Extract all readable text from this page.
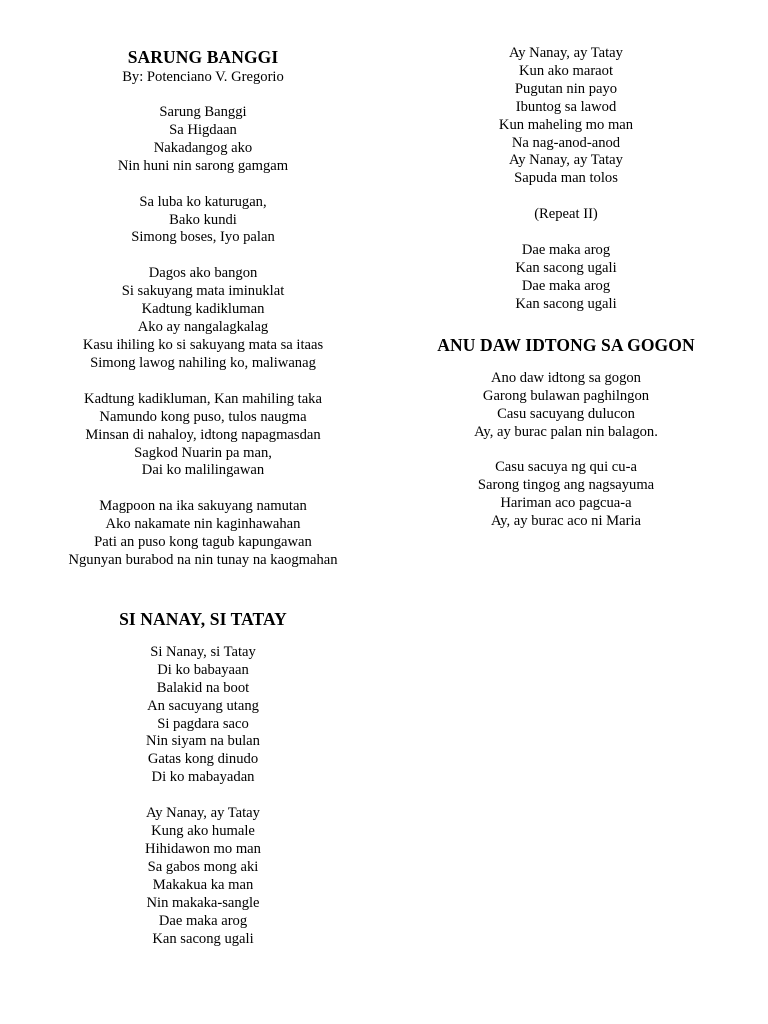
SARUNG BANGGI

By: Potenciano V. Gregorio

Sarung Banggi
Sa Higdaan
Nakadangog ako
Nin huni nin sarong gamgam
Sa luba ko katurugan,
Bako kundi
Simong boses, Iyo palan
Dagos ako bangon
Si sakuyang mata iminuklat
Kadtung kadikluman
Ako ay nangalagkalag
Kasu ihiling ko si sakuyang mata sa itaas
Simong lawog nahiling ko, maliwanag
Kadtung kadikluman, Kan mahiling taka
Namundo kong puso, tulos naugma
Minsan di nahaloy, idtong napagmasdan
Sagkod Nuarin pa man,
Dai ko malilingawan
Magpoon na ika sakuyang namutan
Ako nakamate nin kaginhawahan
Pati an puso kong tagub kapungawan
Ngunyan burabod na nin tunay na kaogmahan
SI NANAY, SI TATAY
Si Nanay, si Tatay
Di ko babayaan
Balakid na boot
An sacuyang utang
Si pagdara saco
Nin siyam na bulan
Gatas kong dinudo
Di ko mabayadan
Ay Nanay, ay Tatay
Kung ako humale
Hihidawon mo man
Sa gabos mong aki
Makakua ka man
Nin makaka-sangle
Dae maka arog
Kan sacong ugali
Ay Nanay, ay Tatay
Kun ako maraot
Pugutan nin payo
Ibuntog sa lawod
Kun maheling mo man
Na nag-anod-anod
Ay Nanay, ay Tatay
Sapuda man tolos
(Repeat II)
Dae maka arog
Kan sacong ugali
Dae maka arog
Kan sacong ugali
ANU DAW IDTONG SA GOGON
Ano daw idtong sa gogon
Garong bulawan paghilngon
Casu sacuyang dulucon
Ay, ay burac palan nin balagon.
Casu sacuya ng qui cu-a
Sarong tingog ang nagsayuma
Hariman aco pagcua-a
Ay, ay burac aco ni Maria
